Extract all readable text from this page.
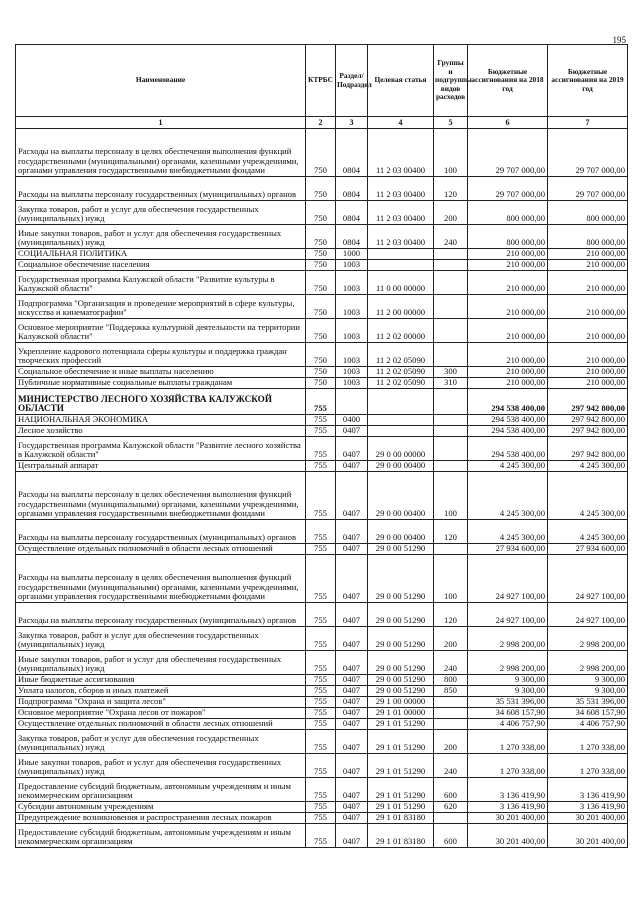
195
Наименование	КТРБС	Раздел/ Подраздел	Целевая статья	Группы и подгруппы видов расходов	Бюджетные ассигнования на 2018 год	Бюджетные ассигнования на 2019 год
1	2	3	4	5	6	7
Расходы на выплаты персоналу в целях обеспечения выполнения функций государственными (муниципальными) органами, казенными учреждениями, органами управления государственными внебюджетными фондами	750	0804	11 2 03 00400	100	29 707 000,00	29 707 000,00
Расходы на выплаты персоналу государственных (муниципальных) органов	750	0804	11 2 03 00400	120	29 707 000,00	29 707 000,00
Закупка товаров, работ и услуг для обеспечения государственных (муниципальных) нужд	750	0804	11 2 03 00400	200	800 000,00	800 000,00
Иные закупки товаров, работ и услуг для обеспечения государственных (муниципальных) нужд	750	0804	11 2 03 00400	240	800 000,00	800 000,00
СОЦИАЛЬНАЯ ПОЛИТИКА	750	1000			210 000,00	210 000,00
Социальное обеспечение населения	750	1003			210 000,00	210 000,00
Государственная программа Калужской области "Развитие культуры в Калужской области"	750	1003	11 0 00 00000		210 000,00	210 000,00
Подпрограмма "Организация и проведение мероприятий в сфере культуры, искусства и кинематографии"	750	1003	11 2 00 00000		210 000,00	210 000,00
Основное мероприятие "Поддержка культурной деятельности на территории Калужской области"	750	1003	11 2 02 00000		210 000,00	210 000,00
Укрепление кадрового потенциала сферы культуры и поддержка граждан творческих профессий	750	1003	11 2 02 05090		210 000,00	210 000,00
Социальное обеспечение и иные выплаты населению	750	1003	11 2 02 05090	300	210 000,00	210 000,00
Публичные нормативные социальные выплаты гражданам	750	1003	11 2 02 05090	310	210 000,00	210 000,00
МИНИСТЕРСТВО ЛЕСНОГО ХОЗЯЙСТВА КАЛУЖСКОЙ ОБЛАСТИ	755				294 538 400,00	297 942 800,00
НАЦИОНАЛЬНАЯ ЭКОНОМИКА	755	0400			294 538 400,00	297 942 800,00
Лесное хозяйство	755	0407			294 538 400,00	297 942 800,00
Государственная программа Калужской области "Развитие лесного хозяйства в Калужской области"	755	0407	29 0 00 00000		294 538 400,00	297 942 800,00
Центральный аппарат	755	0407	29 0 00 00400		4 245 300,00	4 245 300,00
Расходы на выплаты персоналу в целях обеспечения выполнения функций государственными (муниципальными) органами, казенными учреждениями, органами управления государственными внебюджетными фондами	755	0407	29 0 00 00400	100	4 245 300,00	4 245 300,00
Расходы на выплаты персоналу государственных (муниципальных) органов	755	0407	29 0 00 00400	120	4 245 300,00	4 245 300,00
Осуществление отдельных полномочий в области лесных отношений	755	0407	29 0 00 51290		27 934 600,00	27 934 600,00
Расходы на выплаты персоналу в целях обеспечения выполнения функций государственными (муниципальными) органами, казенными учреждениями, органами управления государственными внебюджетными фондами	755	0407	29 0 00 51290	100	24 927 100,00	24 927 100,00
Расходы на выплаты персоналу государственных (муниципальных) органов	755	0407	29 0 00 51290	120	24 927 100,00	24 927 100,00
Закупка товаров, работ и услуг для обеспечения государственных (муниципальных) нужд	755	0407	29 0 00 51290	200	2 998 200,00	2 998 200,00
Иные закупки товаров, работ и услуг для обеспечения государственных (муниципальных) нужд	755	0407	29 0 00 51290	240	2 998 200,00	2 998 200,00
Иные бюджетные ассигнования	755	0407	29 0 00 51290	800	9 300,00	9 300,00
Уплата налогов, сборов и иных платежей	755	0407	29 0 00 51290	850	9 300,00	9 300,00
Подпрограмма "Охрана и защита лесов"	755	0407	29 1 00 00000		35 531 396,00	35 531 396,00
Основное мероприятие "Охрана лесов от пожаров"	755	0407	29 1 01 00000		34 608 157,90	34 608 157,90
Осуществление отдельных полномочий в области лесных отношений	755	0407	29 1 01 51290		4 406 757,90	4 406 757,90
Закупка товаров, работ и услуг для обеспечения государственных (муниципальных) нужд	755	0407	29 1 01 51290	200	1 270 338,00	1 270 338,00
Иные закупки товаров, работ и услуг для обеспечения государственных (муниципальных) нужд	755	0407	29 1 01 51290	240	1 270 338,00	1 270 338,00
Предоставление субсидий бюджетным, автономным учреждениям и иным некоммерческим организациям	755	0407	29 1 01 51290	600	3 136 419,90	3 136 419,90
Субсидии автономным учреждениям	755	0407	29 1 01 51290	620	3 136 419,90	3 136 419,90
Предупреждение возникновения и распространения лесных пожаров	755	0407	29 1 01 83180		30 201 400,00	30 201 400,00
Предоставление субсидий бюджетным, автономным учреждениям и иным некоммерческим организациям	755	0407	29 1 01 83180	600	30 201 400,00	30 201 400,00
